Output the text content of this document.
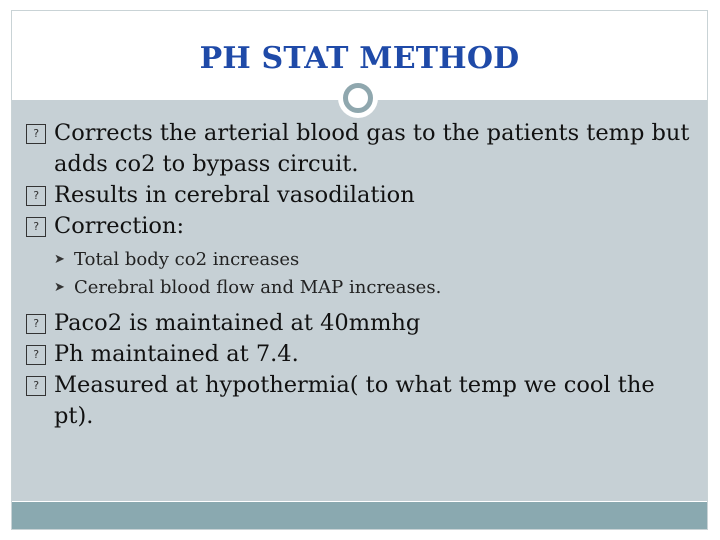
PH STAT METHOD
?
Corrects the arterial blood gas to the patients temp but adds co2 to bypass circuit.
?
Results in cerebral vasodilation
?
Correction:
➤ Total body co2 increases
➤ Cerebral blood flow and MAP increases.
?
Paco2 is maintained at 40mmhg
?
Ph maintained at 7.4.
?
Measured at hypothermia( to what temp we cool the pt).
